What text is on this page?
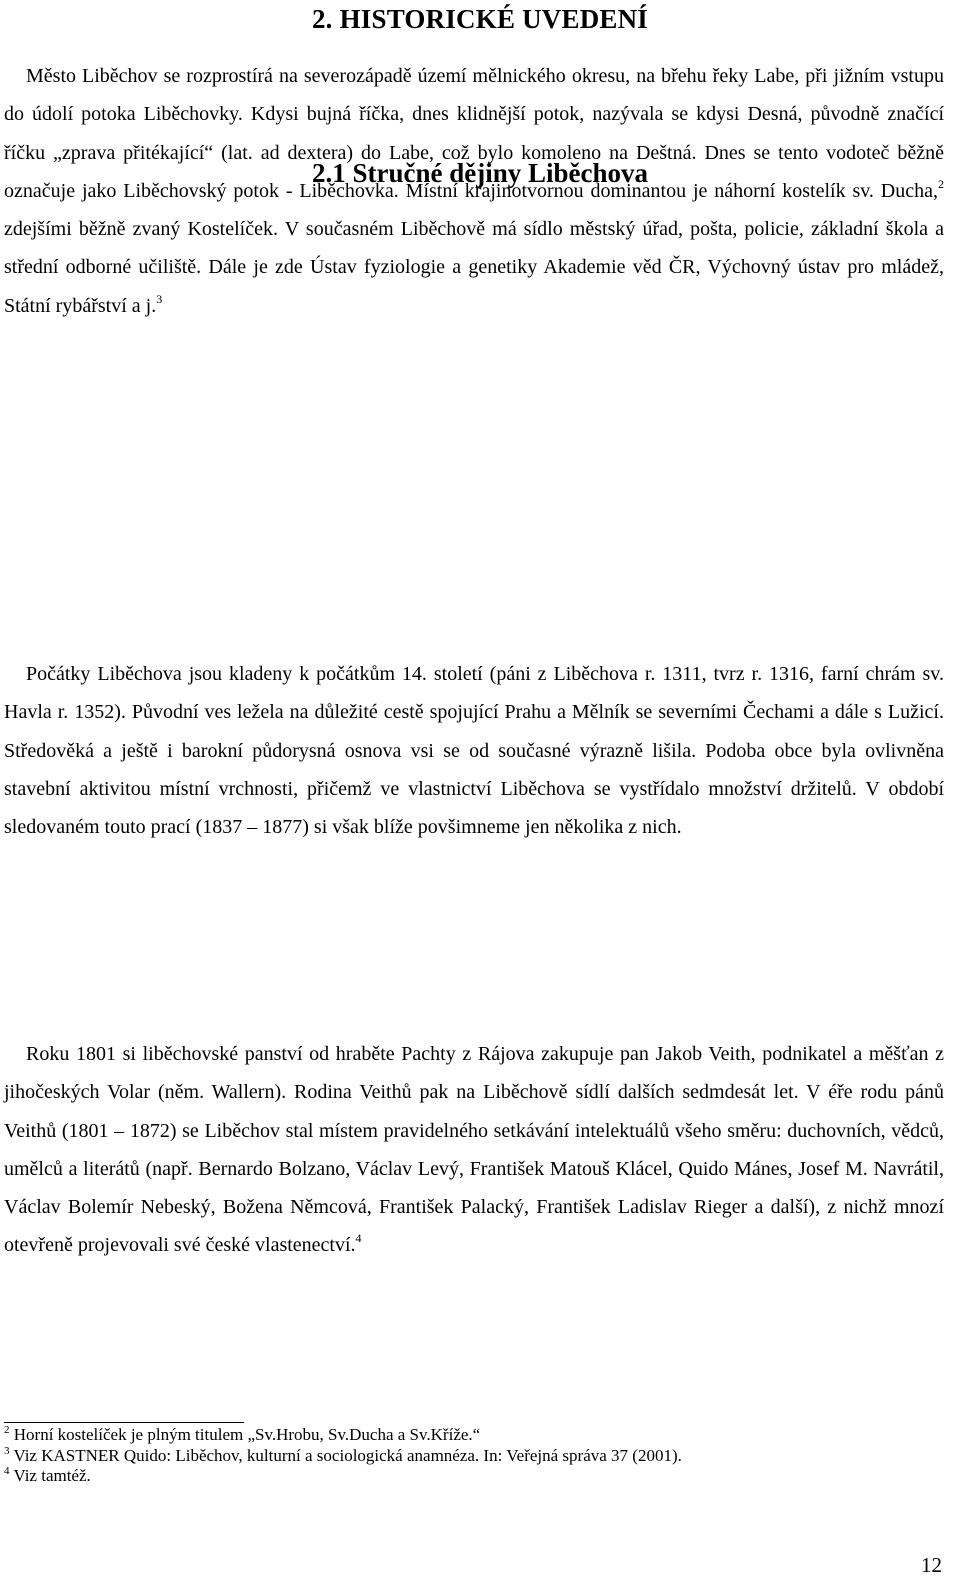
2. HISTORICKÉ UVEDENÍ
2.1 Stručné dějiny Liběchova

Město Liběchov se rozprostírá na severozápadě území mělnického okresu, na břehu řeky Labe, při jižním vstupu do údolí potoka Liběchovky. Kdysi bujná říčka, dnes klidnější potok, nazývala se kdysi Desná, původně značící říčku „zprava přitékající“ (lat. ad dextera) do Labe, což bylo komoleno na Deštná. Dnes se tento vodoteč běžně označuje jako Liběchovský potok - Liběchovka. Místní krajinotvornou dominantou je náhorní kostelík sv. Ducha,$^2$ zdejšími běžně zvaný Kostelíček. V současném Liběchově má sídlo městský úřad, pošta, policie, základní škola a střední odborné učiliště. Dále je zde Ústav fyziologie a genetiky Akademie věd ČR, Výchovný ústav pro mládež, Státní rybářství a j.$^3$

Počátky Liběchova jsou kladeny k počátkům 14. století (páni z Liběchova r. 1311, tvrz r. 1316, farní chrám sv. Havla r. 1352). Původní ves ležela na důležité cestě spojující Prahu a Mělník se severními Čechami a dále s Lužicí. Středověká a ještě i barokní půdorysná osnova vsi se od současné výrazně lišila. Podoba obce byla ovlivněna stavební aktivitou místní vrchnosti, přičemž ve vlastnictví Liběchova se vystřídalo množství držitelů. V období sledovaném touto prací (1837 – 1877) si však blíže povšimneme jen několika z nich.

Roku 1801 si liběchovské panství od hraběte Pachty z Rájova zakupuje pan Jakob Veith, podnikatel a měšťan z jihočeských Volar (něm. Wallern). Rodina Veithů pak na Liběchově sídlí dalších sedmdesát let. V éře rodu pánů Veithů (1801 – 1872) se Liběchov stal místem pravidelného setkávání intelektuálů všeho směru: duchovních, vědců, umělců a literátů (např. Bernardo Bolzano, Václav Levý, František Matouš Klácel, Quido Mánes, Josef M. Navrátil, Václav Bolemír Nebeský, Božena Němcová, František Palacký, František Ladislav Rieger a další), z nichž mnozí otevřeně projevovali své české vlastenectví.$^4$

$^2$ Horní kostelíček je plným titulem „Sv.Hrobu, Sv.Ducha a Sv.Kříže.“

$^3$ Viz KASTNER Quido: Liběchov, kulturní a sociologická anamnéza. In: Veřejná správa 37 (2001).

$^4$ Viz tamtéž.

12
